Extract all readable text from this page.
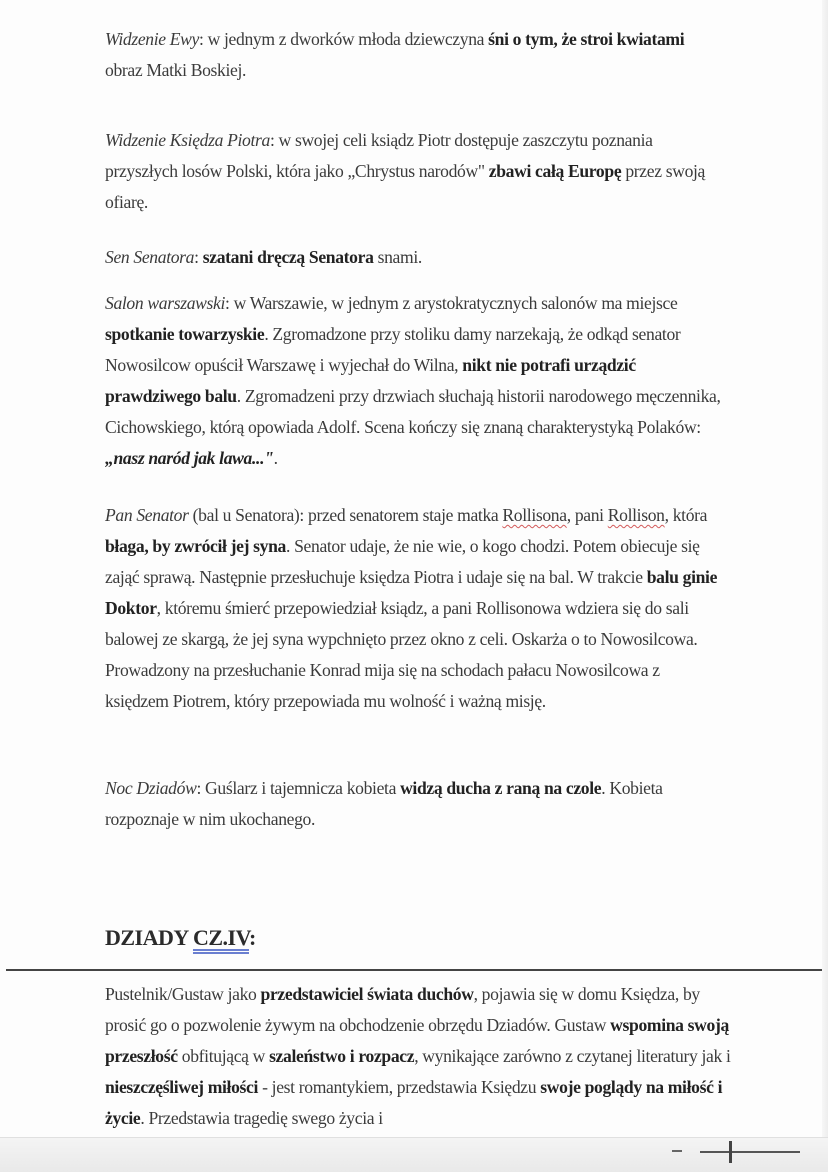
Widzenie Ewy: w jednym z dworków młoda dziewczyna śni o tym, że stroi kwiatami
obraz Matki Boskiej.

Widzenie Księdza Piotra: w swojej celi ksiądz Piotr dostępuje zaszczytu poznania przyszłych losów Polski, która jako „Chrystus narodów" zbawi całą Europę przez swoją ofiarę.

Sen Senatora: szatani dręczą Senatora snami.

Salon warszawski: w Warszawie, w jednym z arystokratycznych salonów ma miejsce spotkanie towarzyskie. Zgromadzone przy stoliku damy narzekają, że odkąd senator Nowosilcow opuścił Warszawę i wyjechał do Wilna, nikt nie potrafi urządzić prawdziwego balu. Zgromadzeni przy drzwiach słuchają historii narodowego męczennika, Cichowskiego, którą opowiada Adolf. Scena kończy się znaną charakterystyką Polaków: „nasz naród jak lawa...".

Pan Senator (bal u Senatora): przed senatorem staje matka Rollisona, pani Rollison, która błaga, by zwrócił jej syna. Senator udaje, że nie wie, o kogo chodzi. Potem obiecuje się zająć sprawą. Następnie przesłuchuje księdza Piotra i udaje się na bal. W trakcie balu ginie Doktor, któremu śmierć przepowiedział ksiądz, a pani Rollisonowa wdziera się do sali balowej ze skargą, że jej syna wypchnięto przez okno z celi. Oskarża o to Nowosilcowa. Prowadzony na przesłuchanie Konrad mija się na schodach pałacu Nowosilcowa z księdzem Piotrem, który przepowiada mu wolność i ważną misję.

Noc Dziadów: Guślarz i tajemnicza kobieta widzą ducha z raną na czole. Kobieta rozpoznaje w nim ukochanego.

DZIADY CZ.IV:

Pustelnik/Gustaw jako przedstawiciel świata duchów, pojawia się w domu Księdza, by prosić go o pozwolenie żywym na obchodzenie obrzędu Dziadów. Gustaw wspomina swoją przeszłość obfitującą w szaleństwo i rozpacz, wynikające zarówno z czytanej literatury jak i nieszczęśliwej miłości - jest romantykiem, przedstawia Księdzu swoje poglądy na miłość i życie. Przedstawia tragedię swego życia i
